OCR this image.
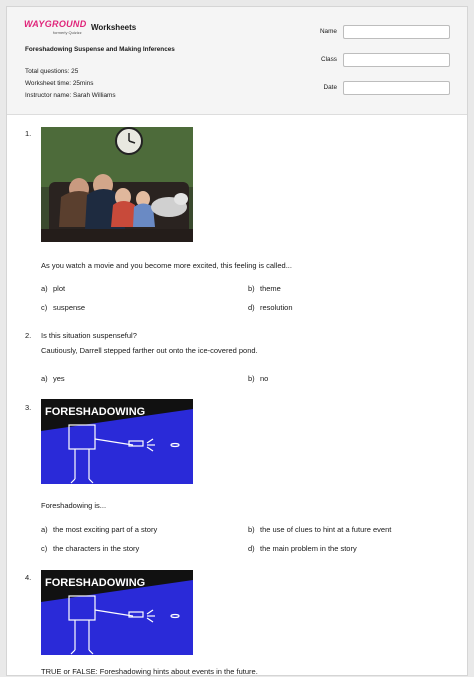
WAYGROUND
formerly Quizizz
Worksheets
Foreshadowing Suspense and Making Inferences
Total questions: 25
Worksheet time: 25mins
Instructor name: Sarah Williams
Name
Class
Date
1.
As you watch a movie and you become more excited, this feeling is called...
a) plot	b) theme
c) suspense	d) resolution
2. Is this situation suspenseful?
Cautiously, Darrell stepped farther out onto the ice-covered pond.
a) yes	b) no
3. FORESHADOWING
Foreshadowing is...
a) the most exciting part of a story	b) the use of clues to hint at a future event
c) the characters in the story	d) the main problem in the story
4. FORESHADOWING
TRUE or FALSE: Foreshadowing hints about events in the future.
